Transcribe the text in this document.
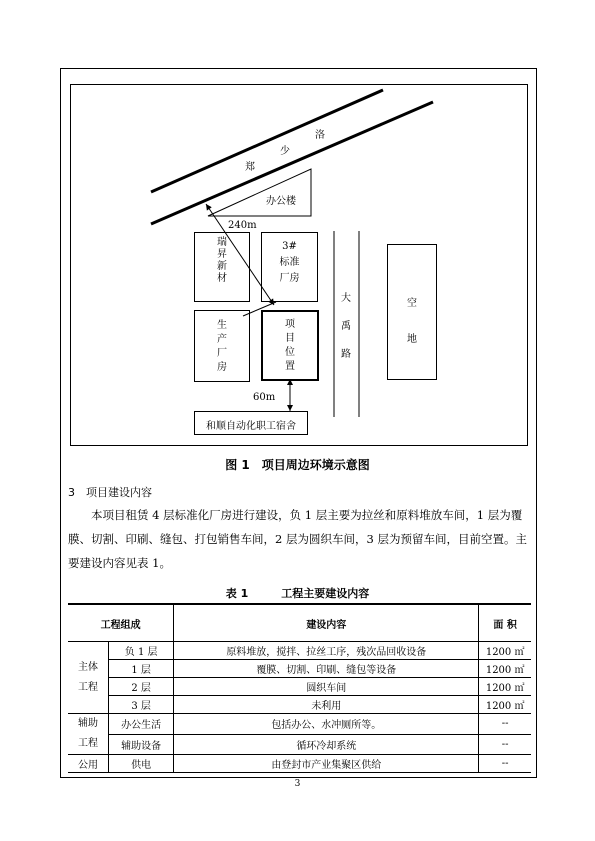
郑
少
洛
办公楼
240m
瑞
昇
新
材
3#
标准
厂房
生
产
厂
房
项
目
位
置
大
禹
路
空
地
60m
和顺自动化职工宿舍
图 1　项目周边环境示意图
3　项目建设内容
本项目租赁 4 层标准化厂房进行建设，负 1 层主要为拉丝和原料堆放车间，1 层为覆膜、切割、印刷、缝包、打包销售车间，2 层为圆织车间，3 层为预留车间，目前空置。主要建设内容见表 1。
表 1　　　工程主要建设内容
工程组成		建设内容	面 积
主体
工程	负 1 层	原料堆放，搅拌、拉丝工序，残次品回收设备	1200 ㎡
	1 层	覆膜、切割、印刷、缝包等设备	1200 ㎡
	2 层	圆织车间	1200 ㎡
	3 层	未利用	1200 ㎡
辅助
工程	办公生活	包括办公、水冲厕所等。	--
	辅助设备	循环冷却系统	--
公用	供电	由登封市产业集聚区供给	--
3
